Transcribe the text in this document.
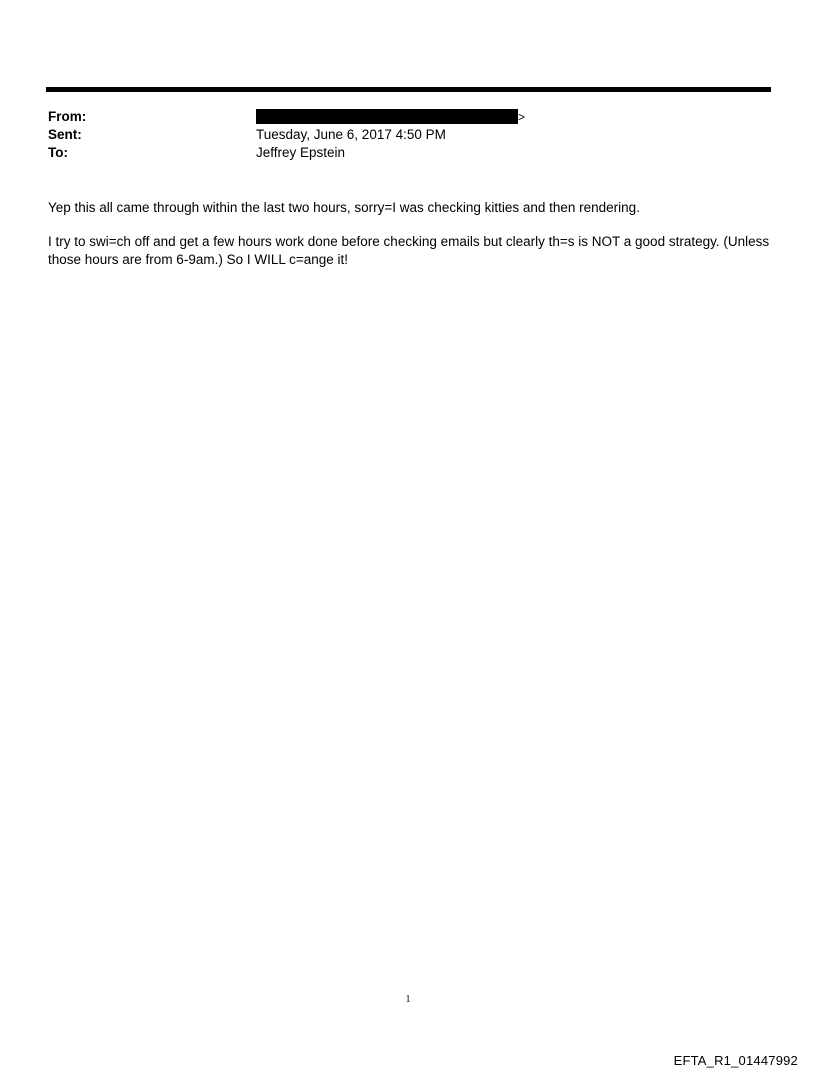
From:	>
Sent:	Tuesday, June 6, 2017 4:50 PM
To:	Jeffrey Epstein
Yep this all came through within the last two hours, sorry=I was checking kitties and then rendering.
I try to swi=ch off and get a few hours work done before checking emails but clearly th=s is NOT a good strategy. (Unless those hours are from 6-9am.) So I WILL c=ange it!
1
EFTA_R1_01447992
